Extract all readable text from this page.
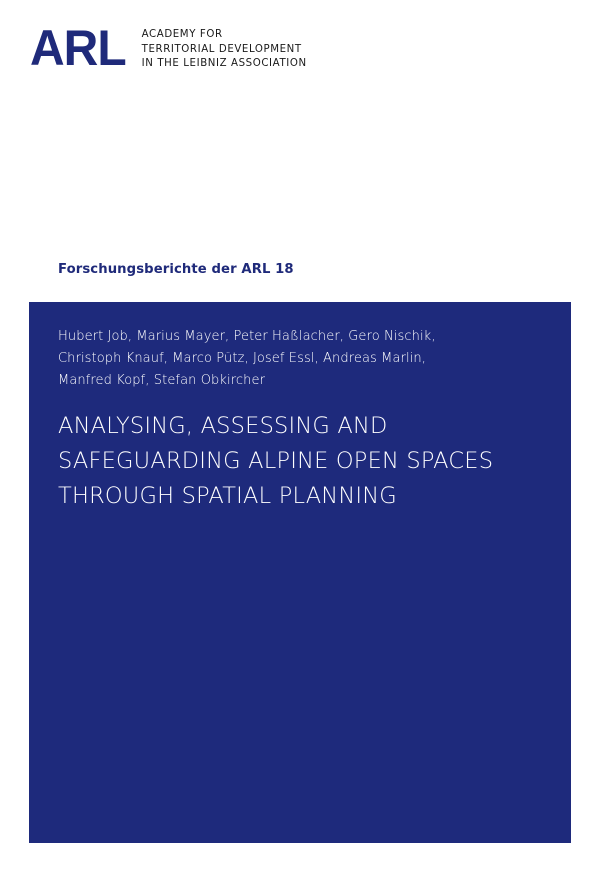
ARL ACADEMY FOR
TERRITORIAL DEVELOPMENT
IN THE LEIBNIZ ASSOCIATION
Forschungsberichte der ARL 18
Hubert Job, Marius Mayer, Peter Haßlacher, Gero Nischik,
Christoph Knauf, Marco Pütz, Josef Essl, Andreas Marlin,
Manfred Kopf, Stefan Obkircher
ANALYSING, ASSESSING AND
SAFEGUARDING ALPINE OPEN SPACES
THROUGH SPATIAL PLANNING
